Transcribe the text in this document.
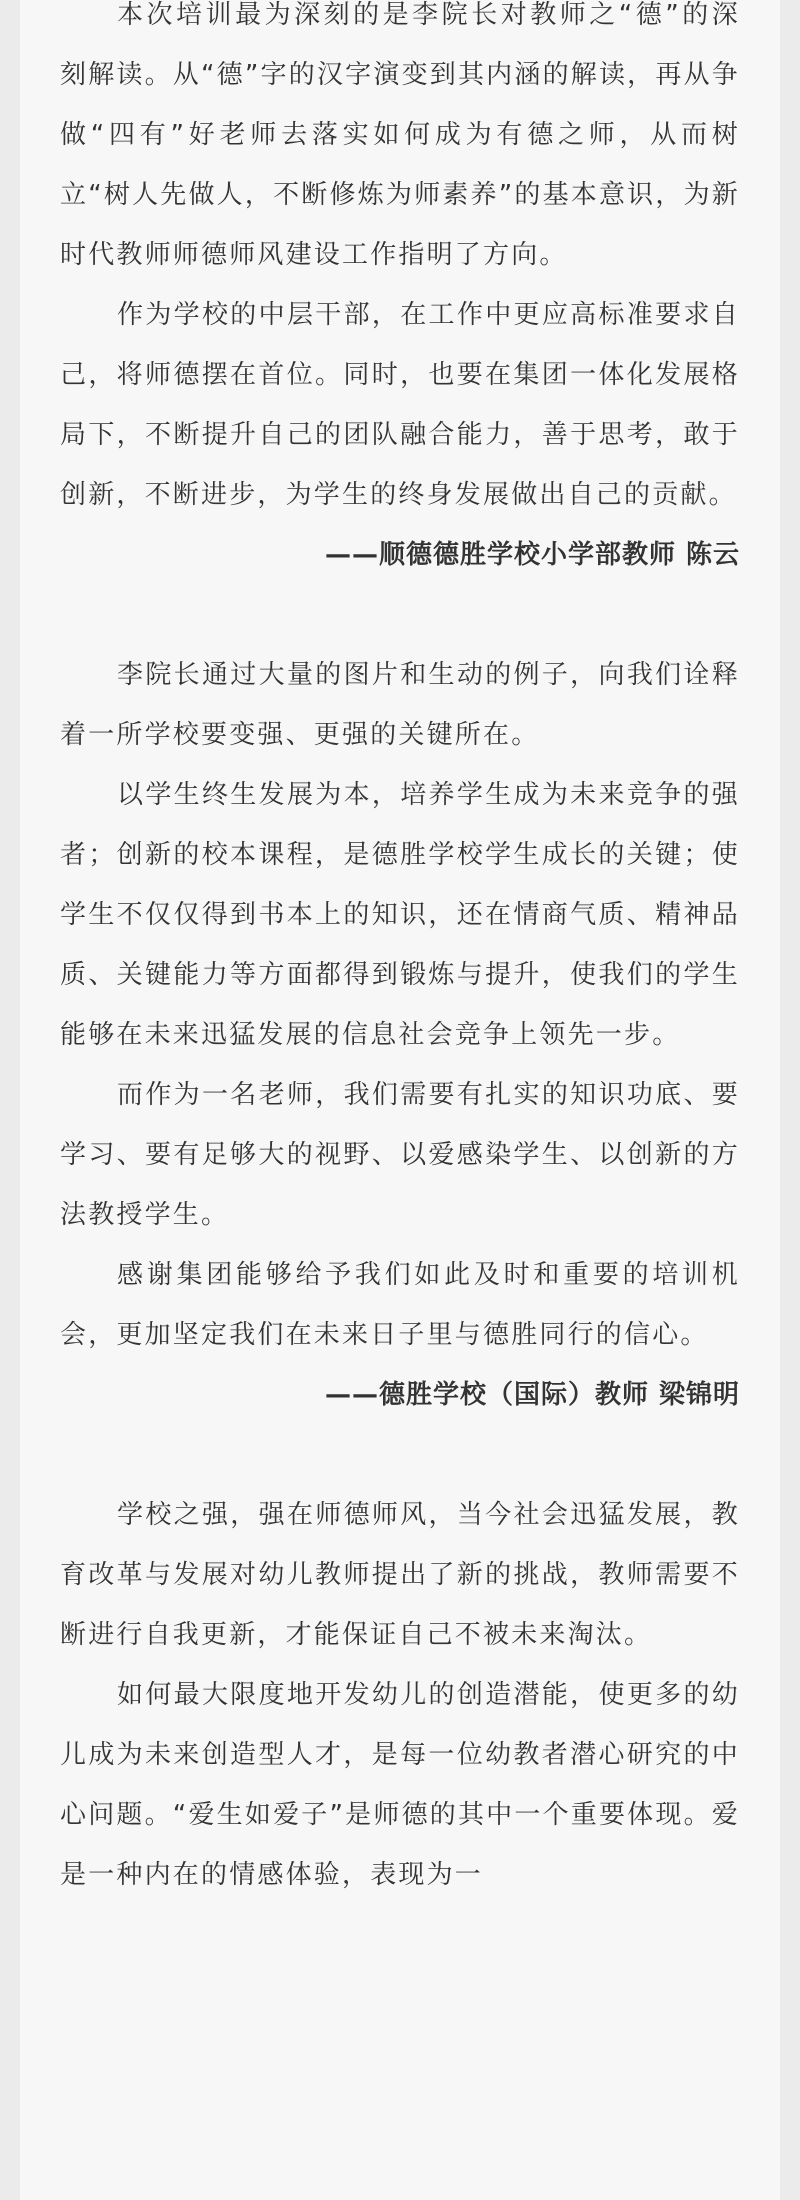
本次培训最为深刻的是李院长对教师之“德”的深刻解读。从“德”字的汉字演变到其内涵的解读，再从争做“四有”好老师去落实如何成为有德之师，从而树立“树人先做人，不断修炼为师素养”的基本意识，为新时代教师师德师风建设工作指明了方向。

作为学校的中层干部，在工作中更应高标准要求自己，将师德摆在首位。同时，也要在集团一体化发展格局下，不断提升自己的团队融合能力，善于思考，敢于创新，不断进步，为学生的终身发展做出自己的贡献。

——顺德德胜学校小学部教师 陈云

李院长通过大量的图片和生动的例子，向我们诠释着一所学校要变强、更强的关键所在。

以学生终生发展为本，培养学生成为未来竞争的强者；创新的校本课程，是德胜学校学生成长的关键；使学生不仅仅得到书本上的知识，还在情商气质、精神品质、关键能力等方面都得到锻炼与提升，使我们的学生能够在未来迅猛发展的信息社会竞争上领先一步。

而作为一名老师，我们需要有扎实的知识功底、要学习、要有足够大的视野、以爱感染学生、以创新的方法教授学生。

感谢集团能够给予我们如此及时和重要的培训机会，更加坚定我们在未来日子里与德胜同行的信心。

——德胜学校（国际）教师 梁锦明

学校之强，强在师德师风，当今社会迅猛发展，教育改革与发展对幼儿教师提出了新的挑战，教师需要不断进行自我更新，才能保证自己不被未来淘汰。

如何最大限度地开发幼儿的创造潜能，使更多的幼儿成为未来创造型人才，是每一位幼教者潜心研究的中心问题。“爱生如爱子”是师德的其中一个重要体现。爱是一种内在的情感体验，表现为一
